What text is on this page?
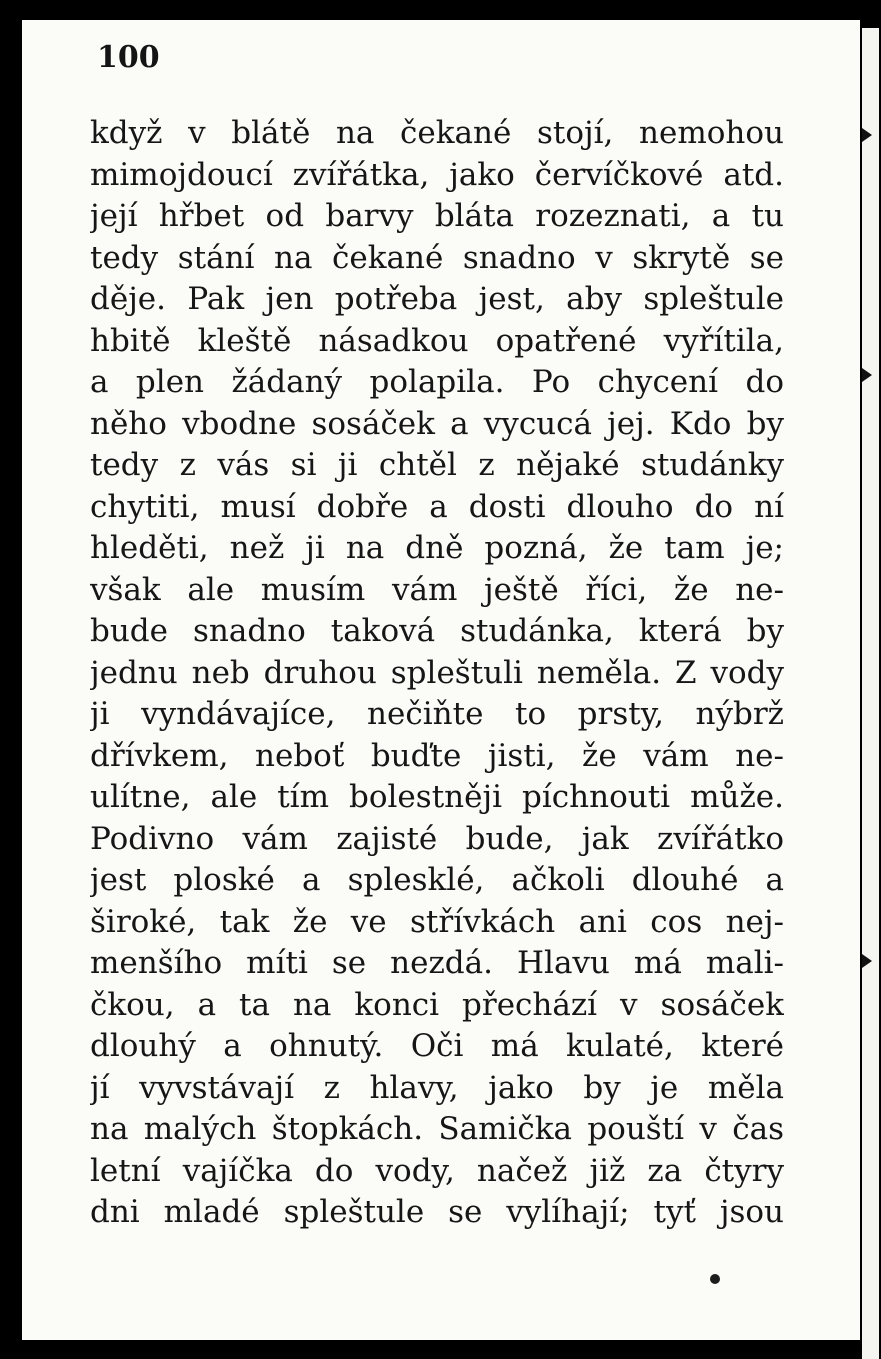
100
když v blátě na čekané stojí, nemohou
mimojdoucí zvířátka, jako červíčkové atd.
její hřbet od barvy bláta rozeznati, a tu
tedy stání na čekané snadno v skrytě se
děje. Pak jen potřeba jest, aby spleštule
hbitě kleště násadkou opatřené vyřítila,
a plen žádaný polapila. Po chycení do
něho vbodne sosáček a vycucá jej. Kdo by
tedy z vás si ji chtěl z nějaké studánky
chytiti, musí dobře a dosti dlouho do ní
hleděti, než ji na dně pozná, že tam je;
však ale musím vám ještě říci, že ne-
bude snadno taková studánka, která by
jednu neb druhou spleštuli neměla. Z vody
ji vyndávajíce, nečiňte to prsty, nýbrž
dřívkem, neboť buďte jisti, že vám ne-
ulítne, ale tím bolestněji píchnouti může.
Podivno vám zajisté bude, jak zvířátko
jest ploské a splesklé, ačkoli dlouhé a
široké, tak že ve střívkách ani cos nej-
menšího míti se nezdá. Hlavu má mali-
čkou, a ta na konci přechází v sosáček
dlouhý a ohnutý. Oči má kulaté, které
jí vyvstávají z hlavy, jako by je měla
na malých štopkách. Samička pouští v čas
letní vajíčka do vody, načež již za čtyry
dni mladé spleštule se vylíhají; tyť jsou
